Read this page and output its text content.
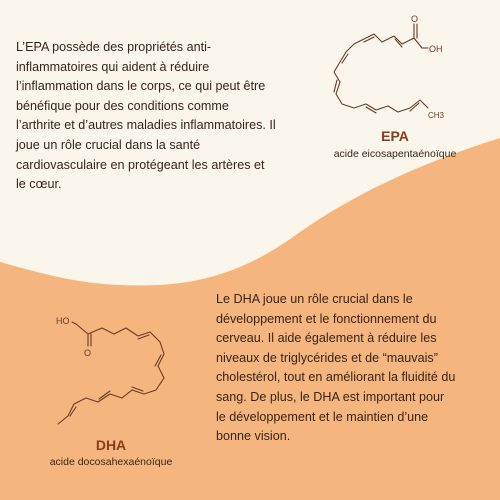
L’EPA possède des propriétés anti-
inflammatoires qui aident à réduire
l’inflammation dans le corps, ce qui peut être
bénéfique pour des conditions comme
l’arthrite et d’autres maladies inflammatoires. Il
joue un rôle crucial dans la santé
cardiovasculaire en protégeant les artères et
le cœur.

OH
O
CH3
EPA
acide eicosapentaénoïque

Le DHA joue un rôle crucial dans le
développement et le fonctionnement du
cerveau. Il aide également à réduire les
niveaux de triglycérides et de “mauvais”
cholestérol, tout en améliorant la fluidité du
sang. De plus, le DHA est important pour
le développement et le maintien d’une
bonne vision.

HO
O
DHA
acide docosahexaénoïque
